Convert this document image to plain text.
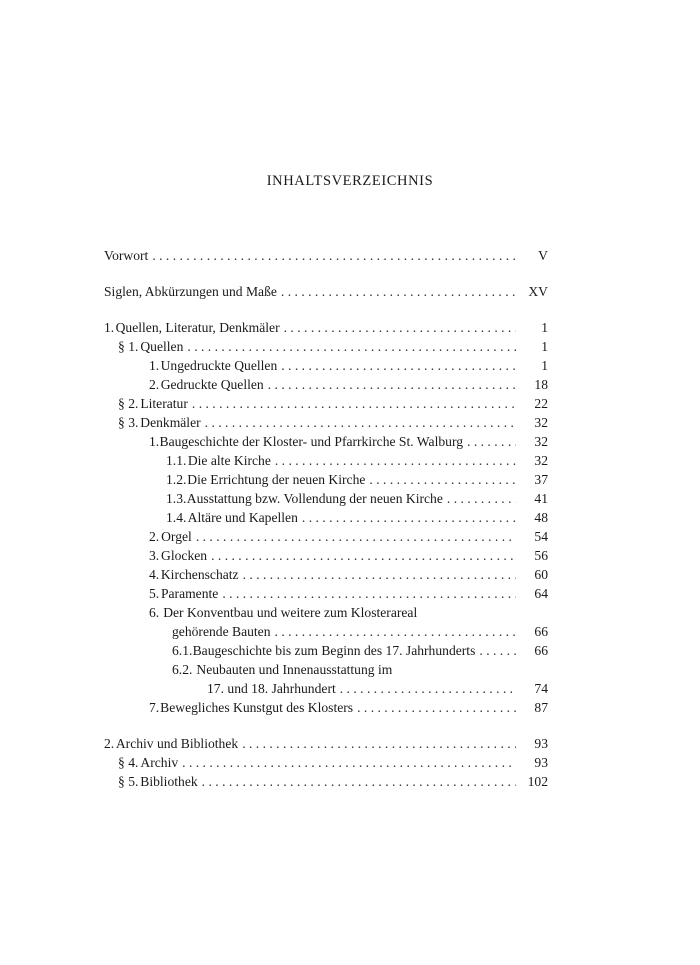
INHALTSVERZEICHNIS
Vorwort . . .	V
Siglen, Abkürzungen und Maße . . .	XV
1. Quellen, Literatur, Denkmäler . . .	1
§ 1. Quellen . . .	1
1. Ungedruckte Quellen . . .	1
2. Gedruckte Quellen . . .	18
§ 2. Literatur . . .	22
§ 3. Denkmäler . . .	32
1. Baugeschichte der Kloster- und Pfarrkirche St. Walburg . . .	32
1.1. Die alte Kirche . . .	32
1.2. Die Errichtung der neuen Kirche . . .	37
1.3. Ausstattung bzw. Vollendung der neuen Kirche . . .	41
1.4. Altäre und Kapellen . . .	48
2. Orgel . . .	54
3. Glocken . . .	56
4. Kirchenschatz . . .	60
5. Paramente . . .	64
6. Der Konventbau und weitere zum Klosterareal
gehörende Bauten . . .	66
6.1. Baugeschichte bis zum Beginn des 17. Jahrhunderts . . .	66
6.2. Neubauten und Innenausstattung im
17. und 18. Jahrhundert . . .	74
7. Bewegliches Kunstgut des Klosters . . .	87
2. Archiv und Bibliothek . . .	93
§ 4. Archiv . . .	93
§ 5. Bibliothek . . .	102
